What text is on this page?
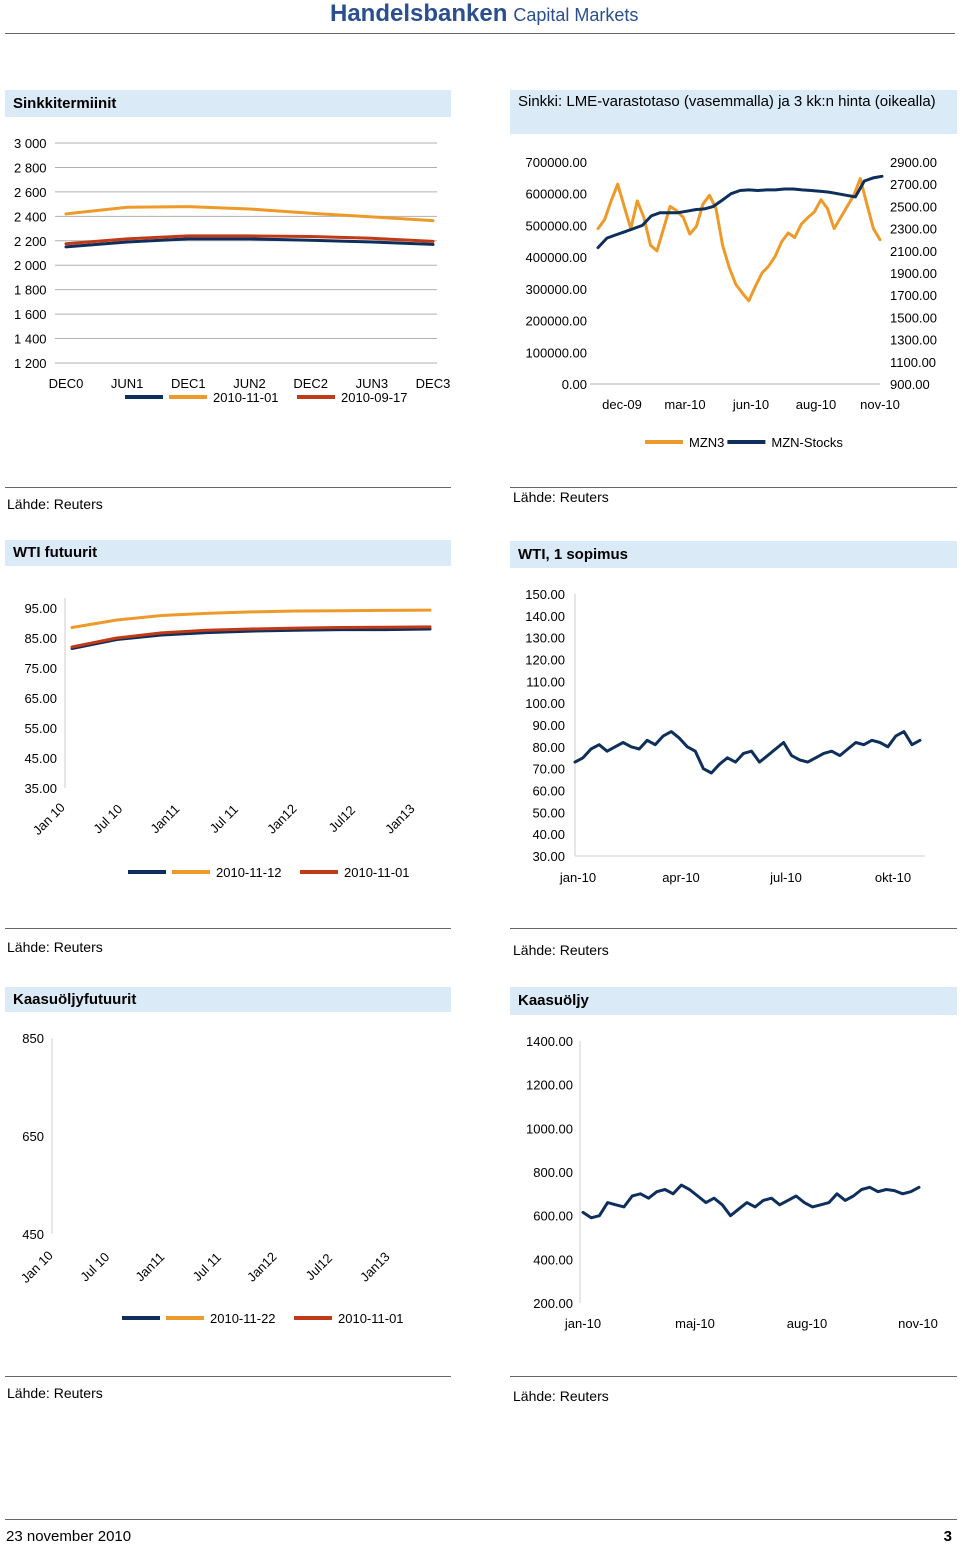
Handelsbanken Capital Markets
Sinkkitermiinit	Sinkki: LME-varastotaso (vasemmalla) ja 3 kk:n hinta (oikealla)
WTI futuurit	WTI, 1 sopimus
Kaasuöljyfutuurit	Kaasuöljy
Lähde: Reuters	Lähde: Reuters
Lähde: Reuters	Lähde: Reuters
Lähde: Reuters	Lähde: Reuters
3 000
2 800
2 600
2 400
2 200
2 000
1 800
1 600
1 400
1 200
DEC0 JUN1 DEC1 JUN2 DEC2 JUN3 DEC3
2010-11-01	2010-09-17
700000.00
600000.00
500000.00
400000.00
300000.00
200000.00
100000.00
0.00
2900.00
2700.00
2500.00
2300.00
2100.00
1900.00
1700.00
1500.00
1300.00
1100.00
900.00
dec-09 mar-10 jun-10 aug-10 nov-10
MZN3	MZN-Stocks
95.00
85.00
75.00
65.00
55.00
45.00
35.00
Jan 10 Jul 10 Jan11 Jul 11 Jan12 Jul12 Jan13
2010-11-12	2010-11-01
150.00
140.00
130.00
120.00
110.00
100.00
90.00
80.00
70.00
60.00
50.00
40.00
30.00
jan-10	apr-10	jul-10	okt-10
850
650
450
Jan 10 Jul 10 Jan11 Jul 11 Jan12 Jul12 Jan13
2010-11-22	2010-11-01
1400.00
1200.00
1000.00
800.00
600.00
400.00
200.00
jan-10	maj-10	aug-10	nov-10
23 november 2010	3
